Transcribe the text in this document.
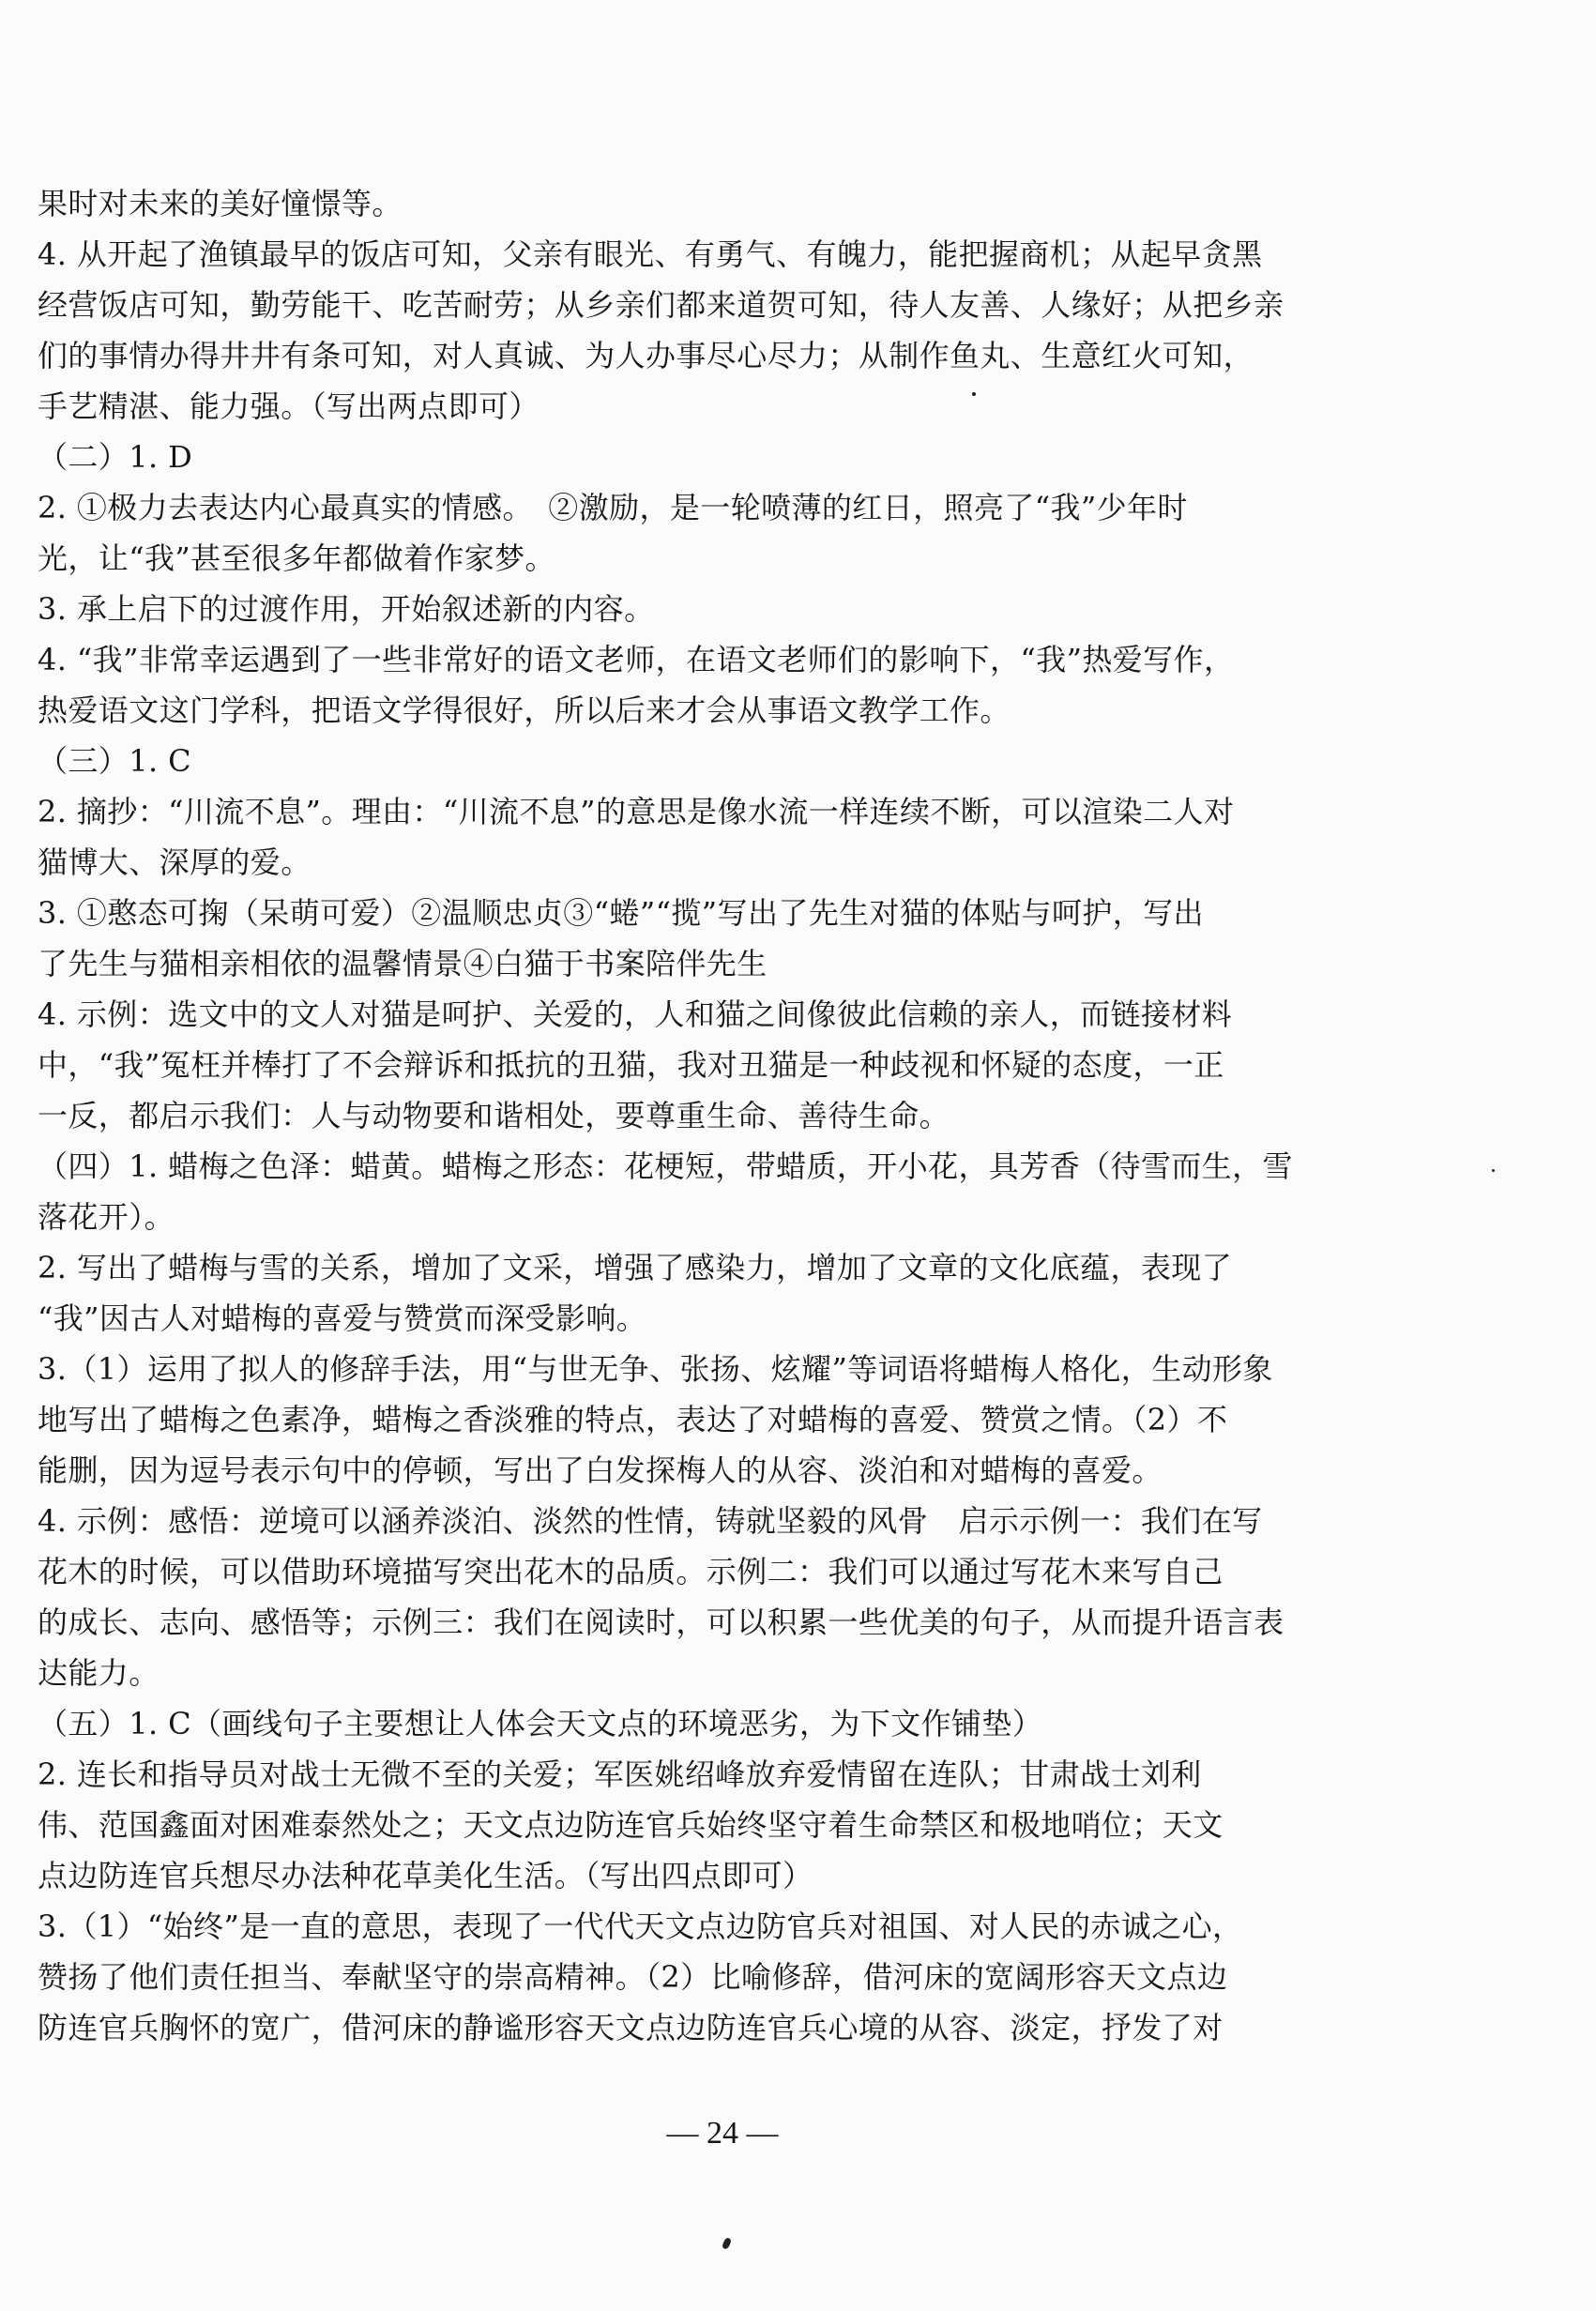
果时对未来的美好憧憬等。
4. 从开起了渔镇最早的饭店可知，父亲有眼光、有勇气、有魄力，能把握商机；从起早贪黑
经营饭店可知，勤劳能干、吃苦耐劳；从乡亲们都来道贺可知，待人友善、人缘好；从把乡亲
们的事情办得井井有条可知，对人真诚、为人办事尽心尽力；从制作鱼丸、生意红火可知，
手艺精湛、能力强。（写出两点即可）
（二）1. D
2. ①极力去表达内心最真实的情感。　②激励，是一轮喷薄的红日，照亮了“我”少年时
光，让“我”甚至很多年都做着作家梦。
3. 承上启下的过渡作用，开始叙述新的内容。
4. “我”非常幸运遇到了一些非常好的语文老师，在语文老师们的影响下，“我”热爱写作，
热爱语文这门学科，把语文学得很好，所以后来才会从事语文教学工作。
（三）1. C
2. 摘抄：“川流不息”。理由：“川流不息”的意思是像水流一样连续不断，可以渲染二人对
猫博大、深厚的爱。
3. ①憨态可掬（呆萌可爱）②温顺忠贞③“蜷”“揽”写出了先生对猫的体贴与呵护，写出
了先生与猫相亲相依的温馨情景④白猫于书案陪伴先生
4. 示例：选文中的文人对猫是呵护、关爱的，人和猫之间像彼此信赖的亲人，而链接材料
中，“我”冤枉并棒打了不会辩诉和抵抗的丑猫，我对丑猫是一种歧视和怀疑的态度，一正
一反，都启示我们：人与动物要和谐相处，要尊重生命、善待生命。
（四）1. 蜡梅之色泽：蜡黄。蜡梅之形态：花梗短，带蜡质，开小花，具芳香（待雪而生，雪
落花开）。
2. 写出了蜡梅与雪的关系，增加了文采，增强了感染力，增加了文章的文化底蕴，表现了
“我”因古人对蜡梅的喜爱与赞赏而深受影响。
3.（1）运用了拟人的修辞手法，用“与世无争、张扬、炫耀”等词语将蜡梅人格化，生动形象
地写出了蜡梅之色素净，蜡梅之香淡雅的特点，表达了对蜡梅的喜爱、赞赏之情。（2）不
能删，因为逗号表示句中的停顿，写出了白发探梅人的从容、淡泊和对蜡梅的喜爱。
4. 示例：感悟：逆境可以涵养淡泊、淡然的性情，铸就坚毅的风骨　启示示例一：我们在写
花木的时候，可以借助环境描写突出花木的品质。示例二：我们可以通过写花木来写自己
的成长、志向、感悟等；示例三：我们在阅读时，可以积累一些优美的句子，从而提升语言表
达能力。
（五）1. C（画线句子主要想让人体会天文点的环境恶劣，为下文作铺垫）
2. 连长和指导员对战士无微不至的关爱；军医姚绍峰放弃爱情留在连队；甘肃战士刘利
伟、范国鑫面对困难泰然处之；天文点边防连官兵始终坚守着生命禁区和极地哨位；天文
点边防连官兵想尽办法种花草美化生活。（写出四点即可）
3.（1）“始终”是一直的意思，表现了一代代天文点边防官兵对祖国、对人民的赤诚之心，
赞扬了他们责任担当、奉献坚守的崇高精神。（2）比喻修辞，借河床的宽阔形容天文点边
防连官兵胸怀的宽广，借河床的静谧形容天文点边防连官兵心境的从容、淡定，抒发了对
— 24 —
